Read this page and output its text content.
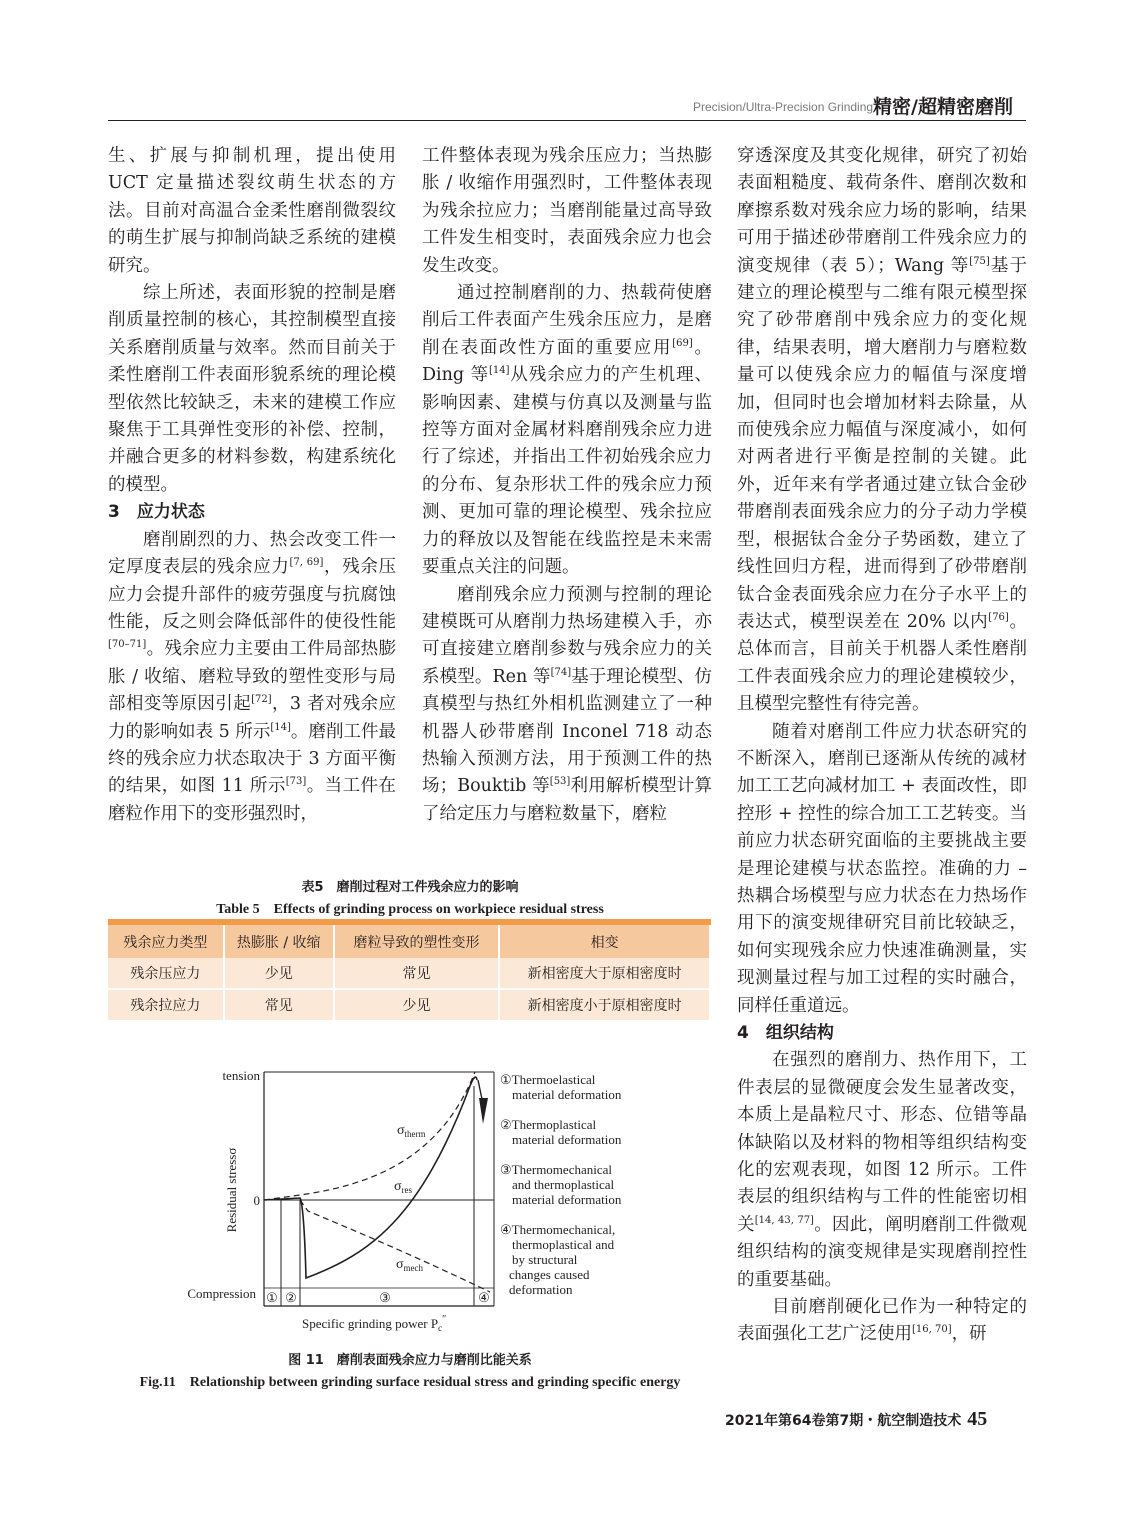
Precision/Ultra-Precision Grinding 精密/超精密磨削

生、扩展与抑制机理，提出使用 UCT 定量描述裂纹萌生状态的方法。目前对高温合金柔性磨削微裂纹的萌生扩展与抑制尚缺乏系统的建模研究。

综上所述，表面形貌的控制是磨削质量控制的核心，其控制模型直接关系磨削质量与效率。然而目前关于柔性磨削工件表面形貌系统的理论模型依然比较缺乏，未来的建模工作应聚焦于工具弹性变形的补偿、控制，并融合更多的材料参数，构建系统化的模型。

3　应力状态

磨削剧烈的力、热会改变工件一定厚度表层的残余应力[7, 69]，残余压应力会提升部件的疲劳强度与抗腐蚀性能，反之则会降低部件的使役性能[70–71]。残余应力主要由工件局部热膨胀 / 收缩、磨粒导致的塑性变形与局部相变等原因引起[72]，3 者对残余应力的影响如表 5 所示[14]。磨削工件最终的残余应力状态取决于 3 方面平衡的结果，如图 11 所示[73]。当工件在磨粒作用下的变形强烈时，

工件整体表现为残余压应力；当热膨胀 / 收缩作用强烈时，工件整体表现为残余拉应力；当磨削能量过高导致工件发生相变时，表面残余应力也会发生改变。

通过控制磨削的力、热载荷使磨削后工件表面产生残余压应力，是磨削在表面改性方面的重要应用[69]。Ding 等[14]从残余应力的产生机理、影响因素、建模与仿真以及测量与监控等方面对金属材料磨削残余应力进行了综述，并指出工件初始残余应力的分布、复杂形状工件的残余应力预测、更加可靠的理论模型、残余拉应力的释放以及智能在线监控是未来需要重点关注的问题。

磨削残余应力预测与控制的理论建模既可从磨削力热场建模入手，亦可直接建立磨削参数与残余应力的关系模型。Ren 等[74]基于理论模型、仿真模型与热红外相机监测建立了一种机器人砂带磨削 Inconel 718 动态热输入预测方法，用于预测工件的热场；Bouktib 等[53]利用解析模型计算了给定压力与磨粒数量下，磨粒

穿透深度及其变化规律，研究了初始表面粗糙度、载荷条件、磨削次数和摩擦系数对残余应力场的影响，结果可用于描述砂带磨削工件残余应力的演变规律（表 5）；Wang 等[75]基于建立的理论模型与二维有限元模型探究了砂带磨削中残余应力的变化规律，结果表明，增大磨削力与磨粒数量可以使残余应力的幅值与深度增加，但同时也会增加材料去除量，从而使残余应力幅值与深度减小，如何对两者进行平衡是控制的关键。此外，近年来有学者通过建立钛合金砂带磨削表面残余应力的分子动力学模型，根据钛合金分子势函数，建立了线性回归方程，进而得到了砂带磨削钛合金表面残余应力在分子水平上的表达式，模型误差在 20% 以内[76]。总体而言，目前关于机器人柔性磨削工件表面残余应力的理论建模较少，且模型完整性有待完善。

随着对磨削工件应力状态研究的不断深入，磨削已逐渐从传统的减材加工工艺向减材加工 + 表面改性，即控形 + 控性的综合加工工艺转变。当前应力状态研究面临的主要挑战主要是理论建模与状态监控。准确的力 – 热耦合场模型与应力状态在力热场作用下的演变规律研究目前比较缺乏，如何实现残余应力快速准确测量，实现测量过程与加工过程的实时融合，同样任重道远。

4　组织结构

在强烈的磨削力、热作用下，工件表层的显微硬度会发生显著改变，本质上是晶粒尺寸、形态、位错等晶体缺陷以及材料的物相等组织结构变化的宏观表现，如图 12 所示。工件表层的组织结构与工件的性能密切相关[14, 43, 77]。因此，阐明磨削工件微观组织结构的演变规律是实现磨削控性的重要基础。

目前磨削硬化已作为一种特定的表面强化工艺广泛使用[16, 70]，研

表5　磨削过程对工件残余应力的影响
Table 5　Effects of grinding process on workpiece residual stress
残余应力类型	热膨胀 / 收缩	磨粒导致的塑性变形	相变
残余压应力	少见	常见	新相密度大于原相密度时
残余拉应力	常见	少见	新相密度小于原相密度时
$\sigma_{therm}$
$\sigma_{res}$
$\sigma_{mech}$
tension
0
Compression
Residual stressσ
Specific grinding power $P_c''$
① ②	③	④
①Thermoelastical
material deformation
②Thermoplastical
material deformation
③Thermomechanical
and thermoplastical
material deformation
④Thermomechanical,
thermoplastical and
by structural
changes caused
deformation
图 11　磨削表面残余应力与磨削比能关系
Fig.11　Relationship between grinding surface residual stress and grinding specific energy
2021年第64卷第7期・航空制造技术 45
